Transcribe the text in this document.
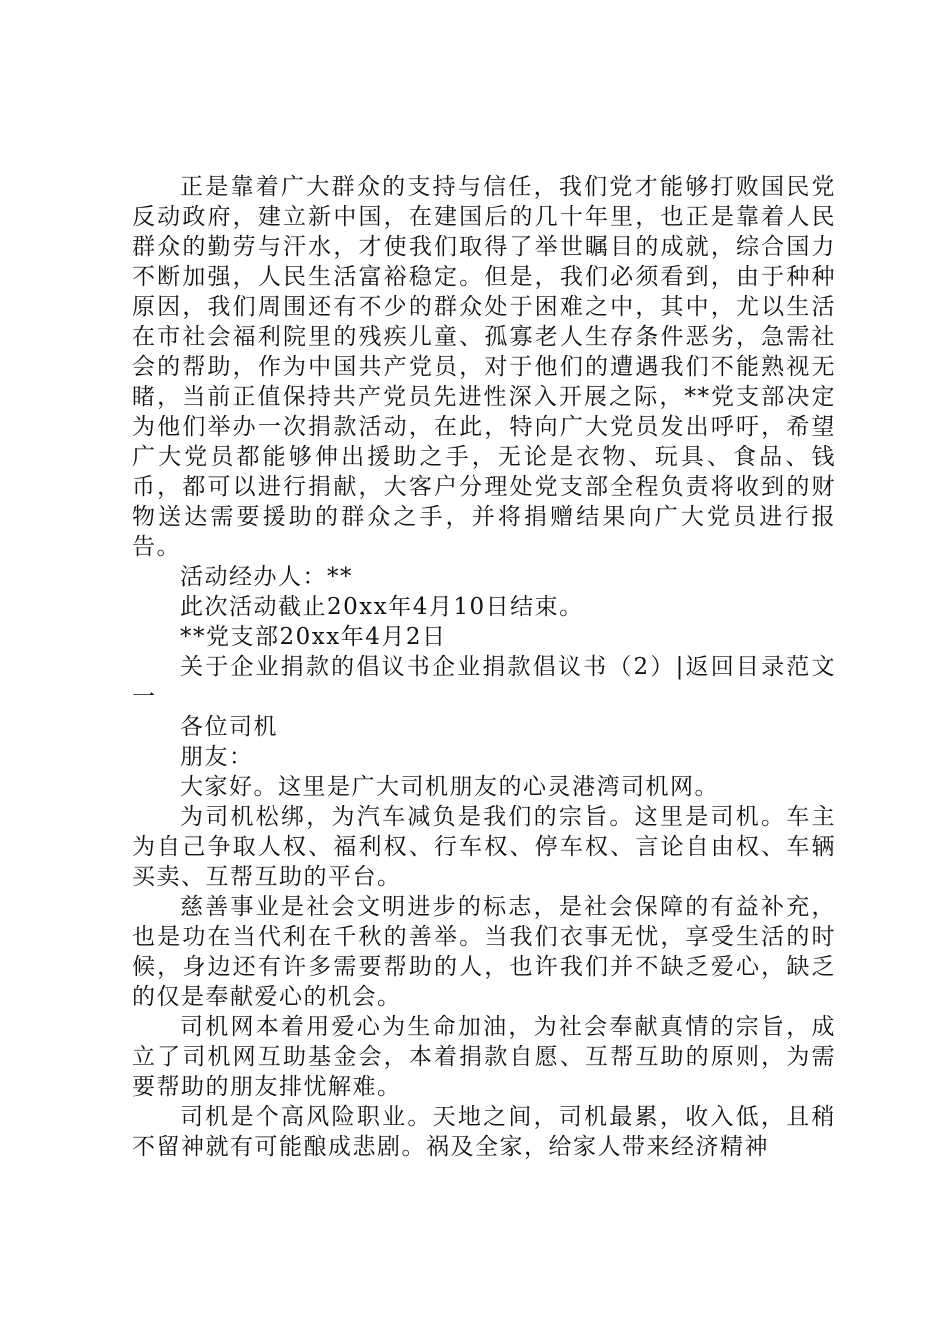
正是靠着广大群众的支持与信任，我们党才能够打败国民党反动政府，建立新中国，在建国后的几十年里，也正是靠着人民群众的勤劳与汗水，才使我们取得了举世瞩目的成就，综合国力不断加强，人民生活富裕稳定。但是，我们必须看到，由于种种原因，我们周围还有不少的群众处于困难之中，其中，尤以生活在市社会福利院里的残疾儿童、孤寡老人生存条件恶劣，急需社会的帮助，作为中国共产党员，对于他们的遭遇我们不能熟视无睹，当前正值保持共产党员先进性深入开展之际，**党支部决定为他们举办一次捐款活动，在此，特向广大党员发出呼吁，希望广大党员都能够伸出援助之手，无论是衣物、玩具、食品、钱币，都可以进行捐献，大客户分理处党支部全程负责将收到的财物送达需要援助的群众之手，并将捐赠结果向广大党员进行报告。

活动经办人：**

此次活动截止20xx年4月10日结束。

**党支部20xx年4月2日

关于企业捐款的倡议书企业捐款倡议书（2）|返回目录范文一

各位司机

朋友：

大家好。这里是广大司机朋友的心灵港湾司机网。

为司机松绑，为汽车减负是我们的宗旨。这里是司机。车主为自己争取人权、福利权、行车权、停车权、言论自由权、车辆买卖、互帮互助的平台。

慈善事业是社会文明进步的标志，是社会保障的有益补充，也是功在当代利在千秋的善举。当我们衣事无忧，享受生活的时候，身边还有许多需要帮助的人，也许我们并不缺乏爱心，缺乏的仅是奉献爱心的机会。

司机网本着用爱心为生命加油，为社会奉献真情的宗旨，成立了司机网互助基金会，本着捐款自愿、互帮互助的原则，为需要帮助的朋友排忧解难。

司机是个高风险职业。天地之间，司机最累，收入低，且稍不留神就有可能酿成悲剧。祸及全家，给家人带来经济精神
